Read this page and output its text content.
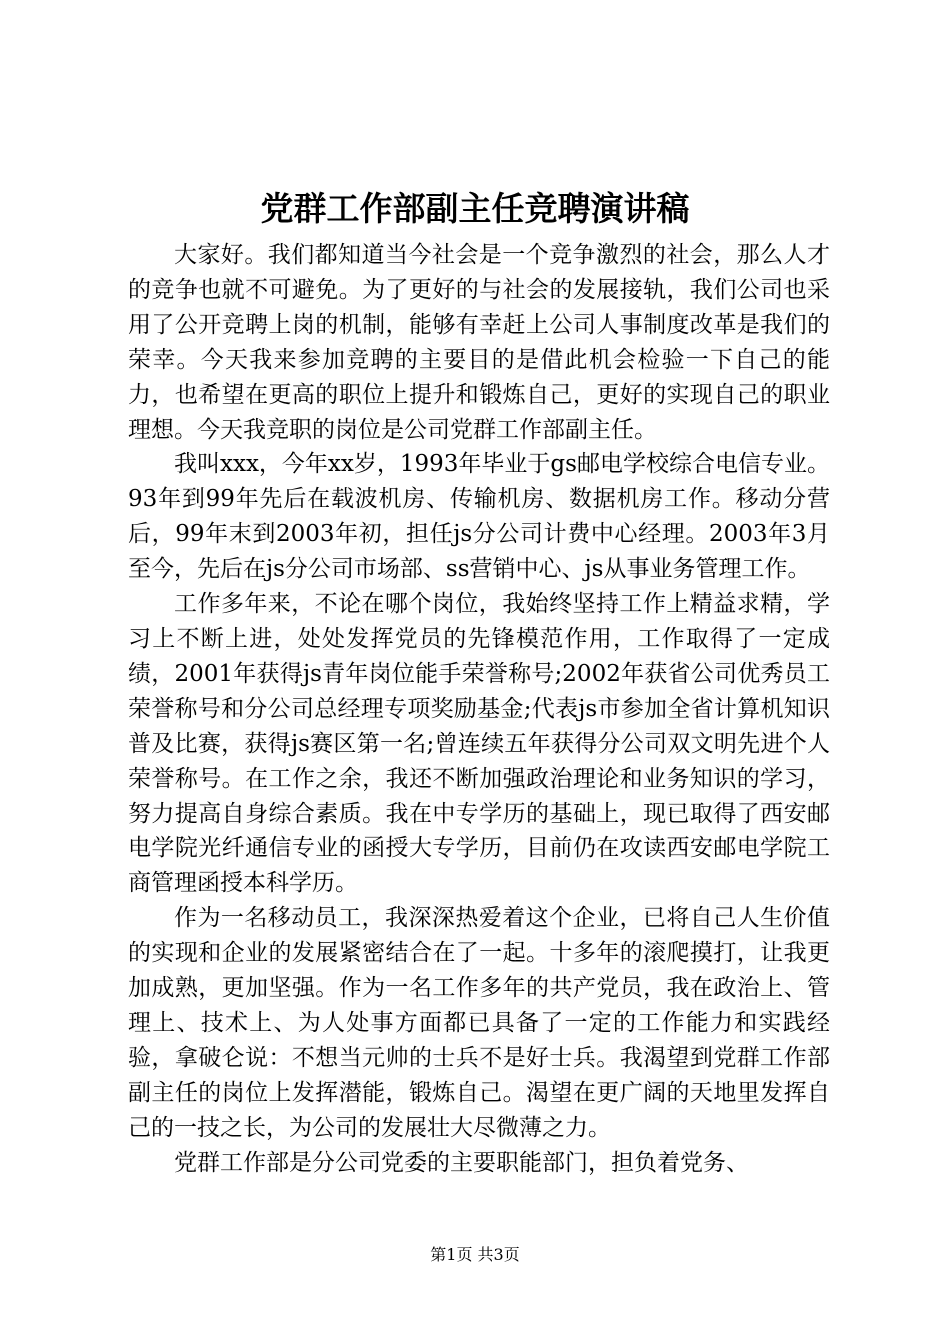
党群工作部副主任竞聘演讲稿

大家好。我们都知道当今社会是一个竞争激烈的社会，那么人才的竞争也就不可避免。为了更好的与社会的发展接轨，我们公司也采用了公开竞聘上岗的机制，能够有幸赶上公司人事制度改革是我们的荣幸。今天我来参加竞聘的主要目的是借此机会检验一下自己的能力，也希望在更高的职位上提升和锻炼自己，更好的实现自己的职业理想。今天我竞职的岗位是公司党群工作部副主任。

我叫xxx，今年xx岁，1993年毕业于gs邮电学校综合电信专业。93年到99年先后在载波机房、传输机房、数据机房工作。移动分营后，99年末到2003年初，担任js分公司计费中心经理。2003年3月至今，先后在js分公司市场部、ss营销中心、js从事业务管理工作。

工作多年来，不论在哪个岗位，我始终坚持工作上精益求精，学习上不断上进，处处发挥党员的先锋模范作用，工作取得了一定成绩，2001年获得js青年岗位能手荣誉称号;2002年获省公司优秀员工荣誉称号和分公司总经理专项奖励基金;代表js市参加全省计算机知识普及比赛，获得js赛区第一名;曾连续五年获得分公司双文明先进个人荣誉称号。在工作之余，我还不断加强政治理论和业务知识的学习，努力提高自身综合素质。我在中专学历的基础上，现已取得了西安邮电学院光纤通信专业的函授大专学历，目前仍在攻读西安邮电学院工商管理函授本科学历。

作为一名移动员工，我深深热爱着这个企业，已将自己人生价值的实现和企业的发展紧密结合在了一起。十多年的滚爬摸打，让我更加成熟，更加坚强。作为一名工作多年的共产党员，我在政治上、管理上、技术上、为人处事方面都已具备了一定的工作能力和实践经验，拿破仑说：不想当元帅的士兵不是好士兵。我渴望到党群工作部副主任的岗位上发挥潜能，锻炼自己。渴望在更广阔的天地里发挥自己的一技之长，为公司的发展壮大尽微薄之力。

党群工作部是分公司党委的主要职能部门，担负着党务、

第1页 共3页
